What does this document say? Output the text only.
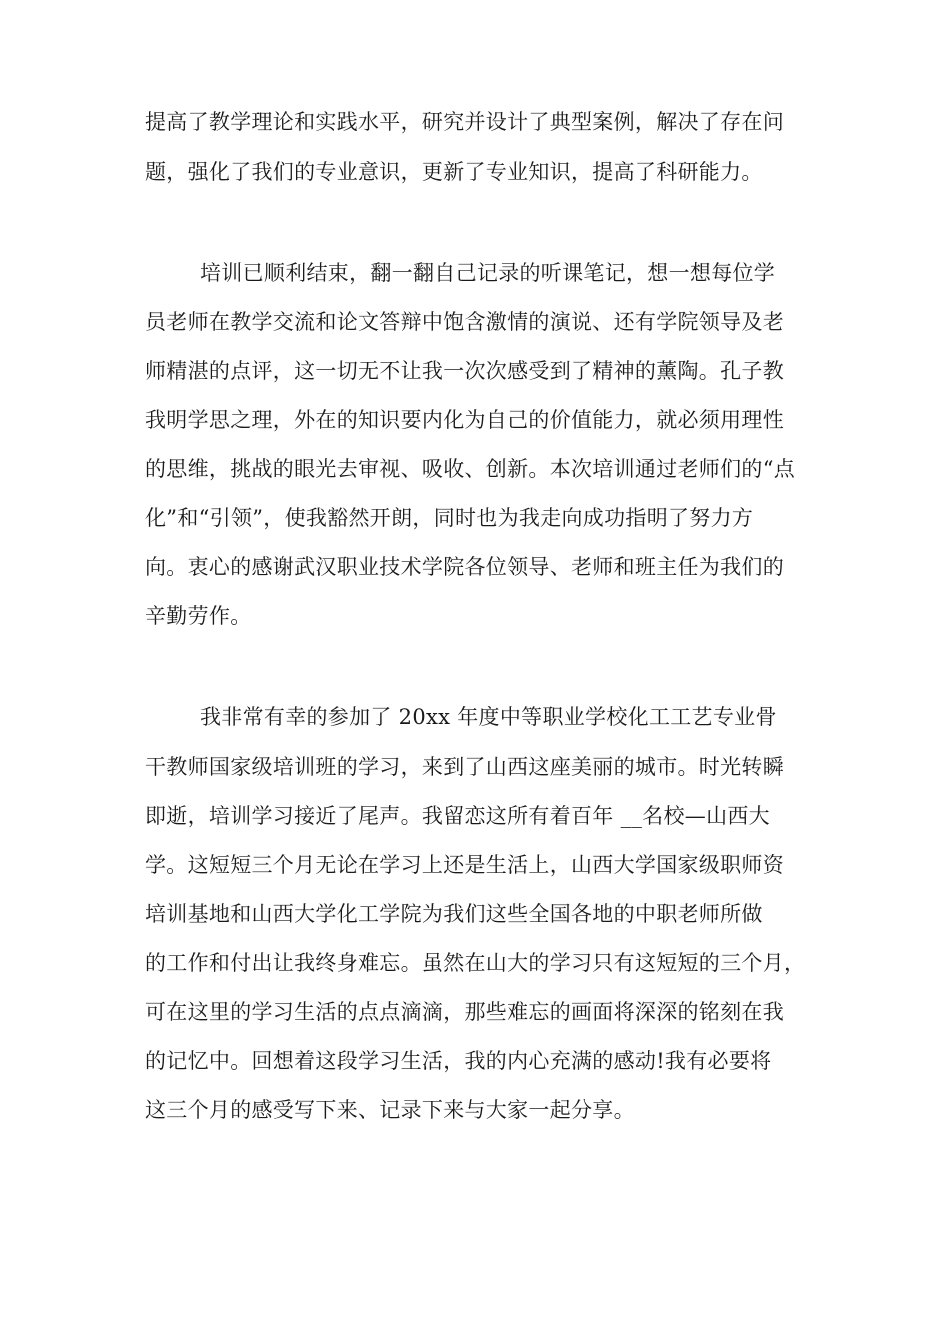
提高了教学理论和实践水平，研究并设计了典型案例，解决了存在问
题，强化了我们的专业意识，更新了专业知识，提高了科研能力。
培训已顺利结束，翻一翻自己记录的听课笔记，想一想每位学
员老师在教学交流和论文答辩中饱含激情的演说、还有学院领导及老
师精湛的点评，这一切无不让我一次次感受到了精神的薰陶。孔子教
我明学思之理，外在的知识要内化为自己的价值能力，就必须用理性
的思维，挑战的眼光去审视、吸收、创新。本次培训通过老师们的“点
化”和“引领”，使我豁然开朗，同时也为我走向成功指明了努力方
向。衷心的感谢武汉职业技术学院各位领导、老师和班主任为我们的
辛勤劳作。
我非常有幸的参加了 20xx 年度中等职业学校化工工艺专业骨
干教师国家级培训班的学习，来到了山西这座美丽的城市。时光转瞬
即逝，培训学习接近了尾声。我留恋这所有着百年 __名校—山西大
学。这短短三个月无论在学习上还是生活上，山西大学国家级职师资
培训基地和山西大学化工学院为我们这些全国各地的中职老师所做
的工作和付出让我终身难忘。虽然在山大的学习只有这短短的三个月，
可在这里的学习生活的点点滴滴，那些难忘的画面将深深的铭刻在我
的记忆中。回想着这段学习生活，我的内心充满的感动!我有必要将
这三个月的感受写下来、记录下来与大家一起分享。
